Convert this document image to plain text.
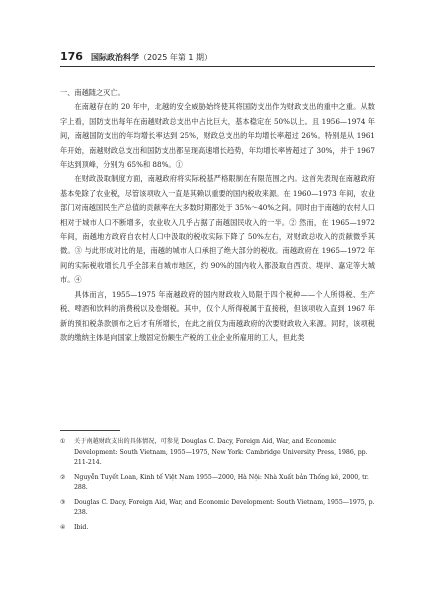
176 国际政治科学（2025 年第 1 期）

一、南越随之灭亡。

在南越存在的 20 年中，北越的安全威胁始终使其将国防支出作为财政支出的重中之重。从数字上看，国防支出每年在南越财政总支出中占比巨大，基本稳定在 50%以上。且 1956—1974 年间，南越国防支出的年均增长率达到 25%，财政总支出的年均增长率超过 26%。特别是从 1961 年开始，南越财政总支出和国防支出都呈现高速增长趋势，年均增长率皆超过了 30%，并于 1967 年达到顶峰，分别为 65%和 88%。①

在财政汲取制度方面，南越政府将实际税基严格限制在有限范围之内。这首先表现在南越政府基本免除了农业税，尽管该项收入一直是其赖以重要的国内税收来源。在 1960—1973 年间，农业部门对南越国民生产总值的贡献率在大多数时期都处于 35%～40%之间。同时由于南越的农村人口相对于城市人口不断增多，农业收入几乎占据了南越国民收入的一半。② 然而，在 1965—1972 年间，南越地方政府自农村人口中汲取的税收实际下降了 50%左右，对财政总收入的贡献微乎其微。③ 与此形成对比的是，南越的城市人口承担了绝大部分的税收。南越政府在 1965—1972 年间的实际税收增长几乎全部来自城市地区，约 90%的国内收入都汲取自西贡、堤岸、嘉定等大城市。④

具体而言，1955—1975 年南越政府的国内财政收入局限于四个税种——个人所得税、生产税、啤酒和饮料的消费税以及卷烟税。其中，仅个人所得税属于直接税，但该项收入直到 1967 年新的预扣税条款颁布之后才有所增长，在此之前仅为南越政府的次要财政收入来源。同时，该项税款的缴纳主体是向国家上缴固定份额生产税的工业企业所雇用的工人，但此类

① 关于南越财政支出的具体情况，可参见 Douglas C. Dacy, Foreign Aid, War, and Economic Development: South Vietnam, 1955—1975, New York: Cambridge University Press, 1986, pp. 211-214.

② Nguyễn Tuyết Loan, Kinh tế Việt Nam 1955—2000, Hà Nội: Nhà Xuất bản Thống kê, 2000, tr. 288.

③ Douglas C. Dacy, Foreign Aid, War, and Economic Development: South Vietnam, 1955—1975, p. 238.

④ Ibid.
